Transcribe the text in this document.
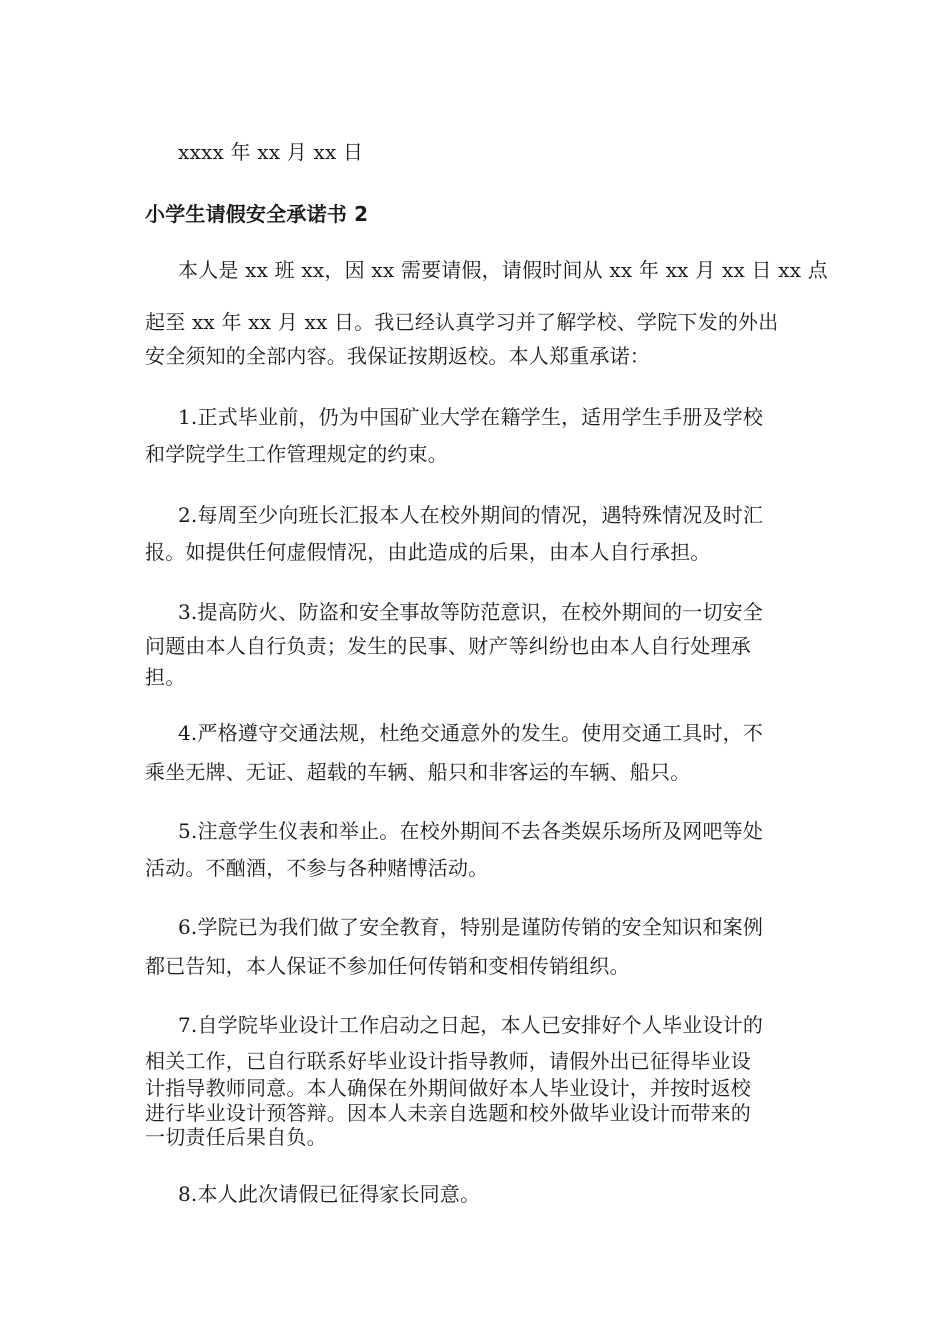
xxxx 年 xx 月 xx 日
小学生请假安全承诺书 2
本人是 xx 班 xx，因 xx 需要请假，请假时间从 xx 年 xx 月 xx 日 xx 点
起至 xx 年 xx 月 xx 日。我已经认真学习并了解学校、学院下发的外出
安全须知的全部内容。我保证按期返校。本人郑重承诺：
1.正式毕业前，仍为中国矿业大学在籍学生，适用学生手册及学校
和学院学生工作管理规定的约束。
2.每周至少向班长汇报本人在校外期间的情况，遇特殊情况及时汇
报。如提供任何虚假情况，由此造成的后果，由本人自行承担。
3.提高防火、防盗和安全事故等防范意识，在校外期间的一切安全
问题由本人自行负责；发生的民事、财产等纠纷也由本人自行处理承
担。
4.严格遵守交通法规，杜绝交通意外的发生。使用交通工具时，不
乘坐无牌、无证、超载的车辆、船只和非客运的车辆、船只。
5.注意学生仪表和举止。在校外期间不去各类娱乐场所及网吧等处
活动。不酗酒，不参与各种赌博活动。
6.学院已为我们做了安全教育，特别是谨防传销的安全知识和案例
都已告知，本人保证不参加任何传销和变相传销组织。
7.自学院毕业设计工作启动之日起，本人已安排好个人毕业设计的
相关工作，已自行联系好毕业设计指导教师，请假外出已征得毕业设
计指导教师同意。本人确保在外期间做好本人毕业设计，并按时返校
进行毕业设计预答辩。因本人未亲自选题和校外做毕业设计而带来的
一切责任后果自负。
8.本人此次请假已征得家长同意。
